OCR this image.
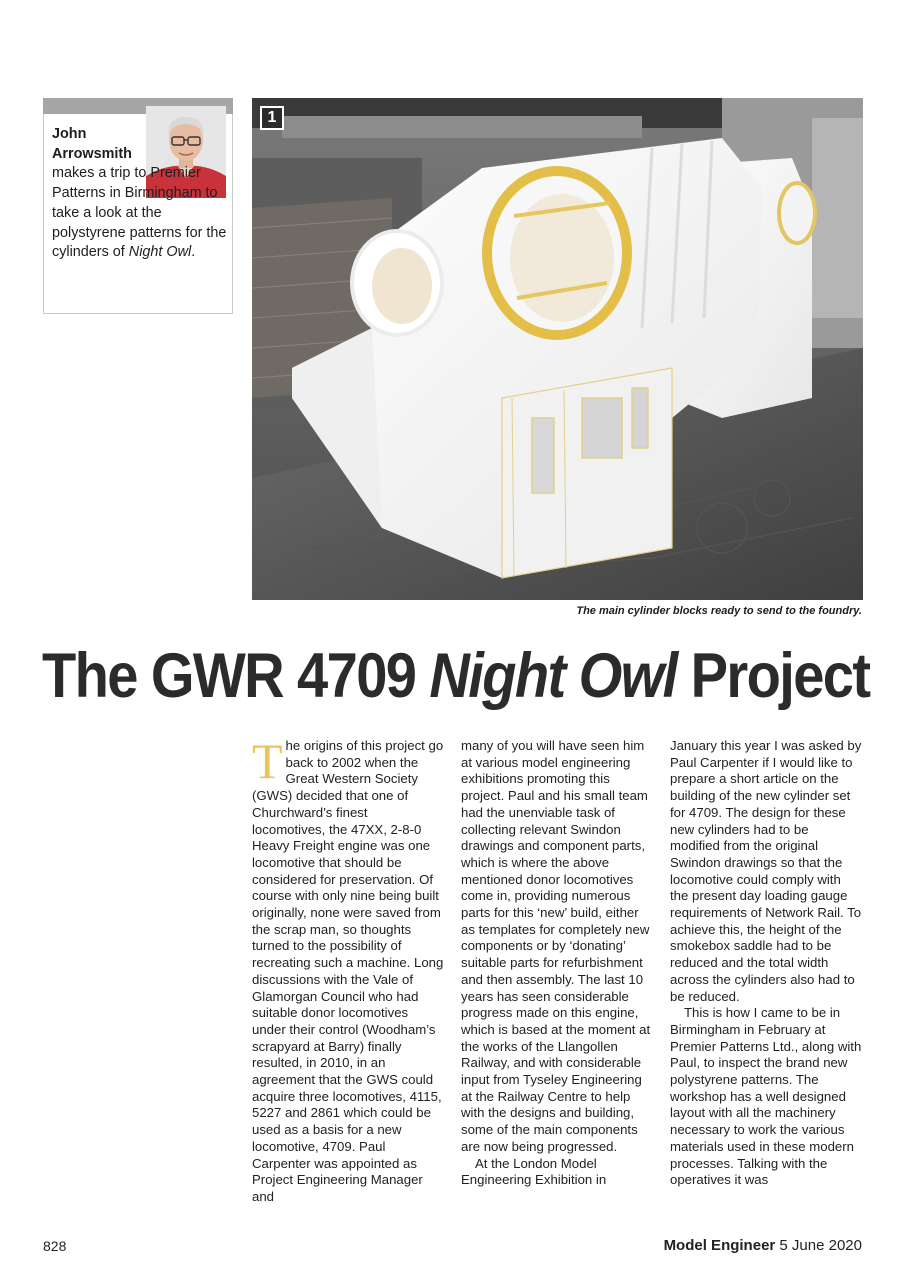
John
Arrowsmith
makes a trip to Premier Patterns in Birmingham to take a look at the polystyrene patterns for the cylinders of Night Owl.
1
The main cylinder blocks ready to send to the foundry.
The GWR 4709 Night Owl Project

The origins of this project go back to 2002 when the Great Western Society (GWS) decided that one of Churchward’s finest locomotives, the 47XX, 2-8-0 Heavy Freight engine was one locomotive that should be considered for preservation. Of course with only nine being built originally, none were saved from the scrap man, so thoughts turned to the possibility of recreating such a machine. Long discussions with the Vale of Glamorgan Council who had suitable donor locomotives under their control (Woodham’s scrapyard at Barry) finally resulted, in 2010, in an agreement that the GWS could acquire three locomotives, 4115, 5227 and 2861 which could be used as a basis for a new locomotive, 4709. Paul Carpenter was appointed as Project Engineering Manager and

many of you will have seen him at various model engineering exhibitions promoting this project. Paul and his small team had the unenviable task of collecting relevant Swindon drawings and component parts, which is where the above mentioned donor locomotives come in, providing numerous parts for this ‘new’ build, either as templates for completely new components or by ‘donating’ suitable parts for refurbishment and then assembly. The last 10 years has seen considerable progress made on this engine, which is based at the moment at the works of the Llangollen Railway, and with considerable input from Tyseley Engineering at the Railway Centre to help with the designs and building, some of the main components are now being progressed.

At the London Model Engineering Exhibition in

January this year I was asked by Paul Carpenter if I would like to prepare a short article on the building of the new cylinder set for 4709. The design for these new cylinders had to be modified from the original Swindon drawings so that the locomotive could comply with the present day loading gauge requirements of Network Rail. To achieve this, the height of the smokebox saddle had to be reduced and the total width across the cylinders also had to be reduced.

This is how I came to be in Birmingham in February at Premier Patterns Ltd., along with Paul, to inspect the brand new polystyrene patterns. The workshop has a well designed layout with all the machinery necessary to work the various materials used in these modern processes. Talking with the operatives it was

828	Model Engineer 5 June 2020
